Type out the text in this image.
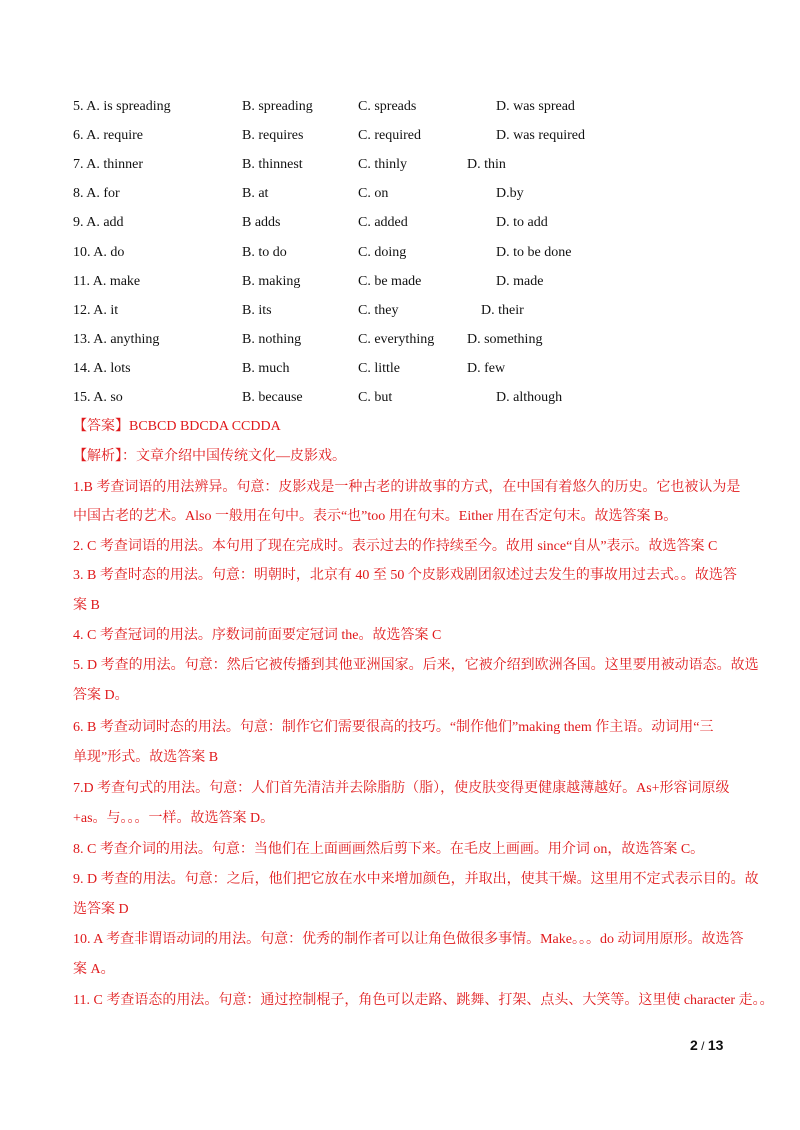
5. A. is spreading	B. spreading	C. spreads	D. was spread
6. A. require	B. requires	C. required	D. was required
7. A. thinner	B. thinnest	C. thinly	D. thin
8. A. for	B. at	C. on	D.by
9. A. add	B adds	C. added	D. to add
10. A. do	B. to do	C. doing	D. to be done
11. A. make	B. making	C. be made	D. made
12. A. it	B. its	C. they	D. their
13. A. anything	B. nothing	C. everything D. something
14. A. lots	B. much	C. little	D. few
15. A. so	B. because	C. but	D. although
【答案】BCBCD BDCDA CCDDA
【解析】：文章介绍中国传统文化—皮影戏。
1.B 考查词语的用法辨异。句意：皮影戏是一种古老的讲故事的方式，在中国有着悠久的历史。它也被认为是
中国古老的艺术。Also 一般用在句中。表示“也”too 用在句末。Either 用在否定句末。故选答案 B。
2. C 考查词语的用法。本句用了现在完成时。表示过去的作持续至今。故用 since“自从”表示。故选答案 C
3. B 考查时态的用法。句意：明朝时，北京有 40 至 50 个皮影戏剧团叙述过去发生的事故用过去式。。故选答
案 B
4. C 考查冠词的用法。序数词前面要定冠词 the。故选答案 C
5. D 考查的用法。句意：然后它被传播到其他亚洲国家。后来，它被介绍到欧洲各国。这里要用被动语态。故选
答案 D。
6. B 考查动词时态的用法。句意：制作它们需要很高的技巧。“制作他们”making them 作主语。动词用“三
单现”形式。故选答案 B
7.D 考查句式的用法。句意：人们首先清洁并去除脂肪（脂），使皮肤变得更健康越薄越好。As+形容词原级
+as。与。。。一样。故选答案 D。
8. C 考查介词的用法。句意：当他们在上面画画然后剪下来。在毛皮上画画。用介词 on，故选答案 C。
9. D 考查的用法。句意：之后，他们把它放在水中来增加颜色，并取出，使其干燥。这里用不定式表示目的。故
选答案 D
10. A 考查非谓语动词的用法。句意：优秀的制作者可以让角色做很多事情。Make。。。do 动词用原形。故选答
案 A。
11. C 考查语态的用法。句意：通过控制棍子，角色可以走路、跳舞、打架、点头、大笑等。这里使 character 走。。
2 / 13
